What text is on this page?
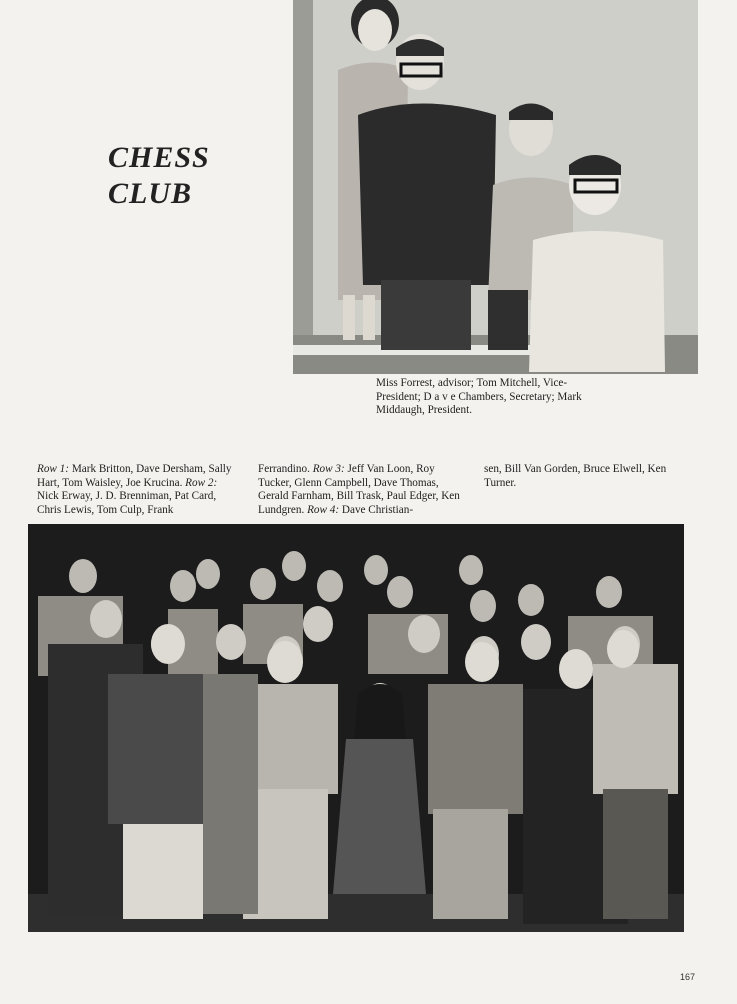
CHESS
CLUB
Miss Forrest, advisor; Tom Mitchell, Vice-President; D a v e Chambers, Secretary; Mark Middaugh, President.
Row 1: Mark Britton, Dave Dersham, Sally Hart, Tom Waisley, Joe Krucina. Row 2: Nick Erway, J. D. Brenniman, Pat Card, Chris Lewis, Tom Culp, Frank
Ferrandino. Row 3: Jeff Van Loon, Roy Tucker, Glenn Campbell, Dave Thomas, Gerald Farnham, Bill Trask, Paul Edger, Ken Lundgren. Row 4: Dave Christian-
sen, Bill Van Gorden, Bruce Elwell, Ken Turner.
167
